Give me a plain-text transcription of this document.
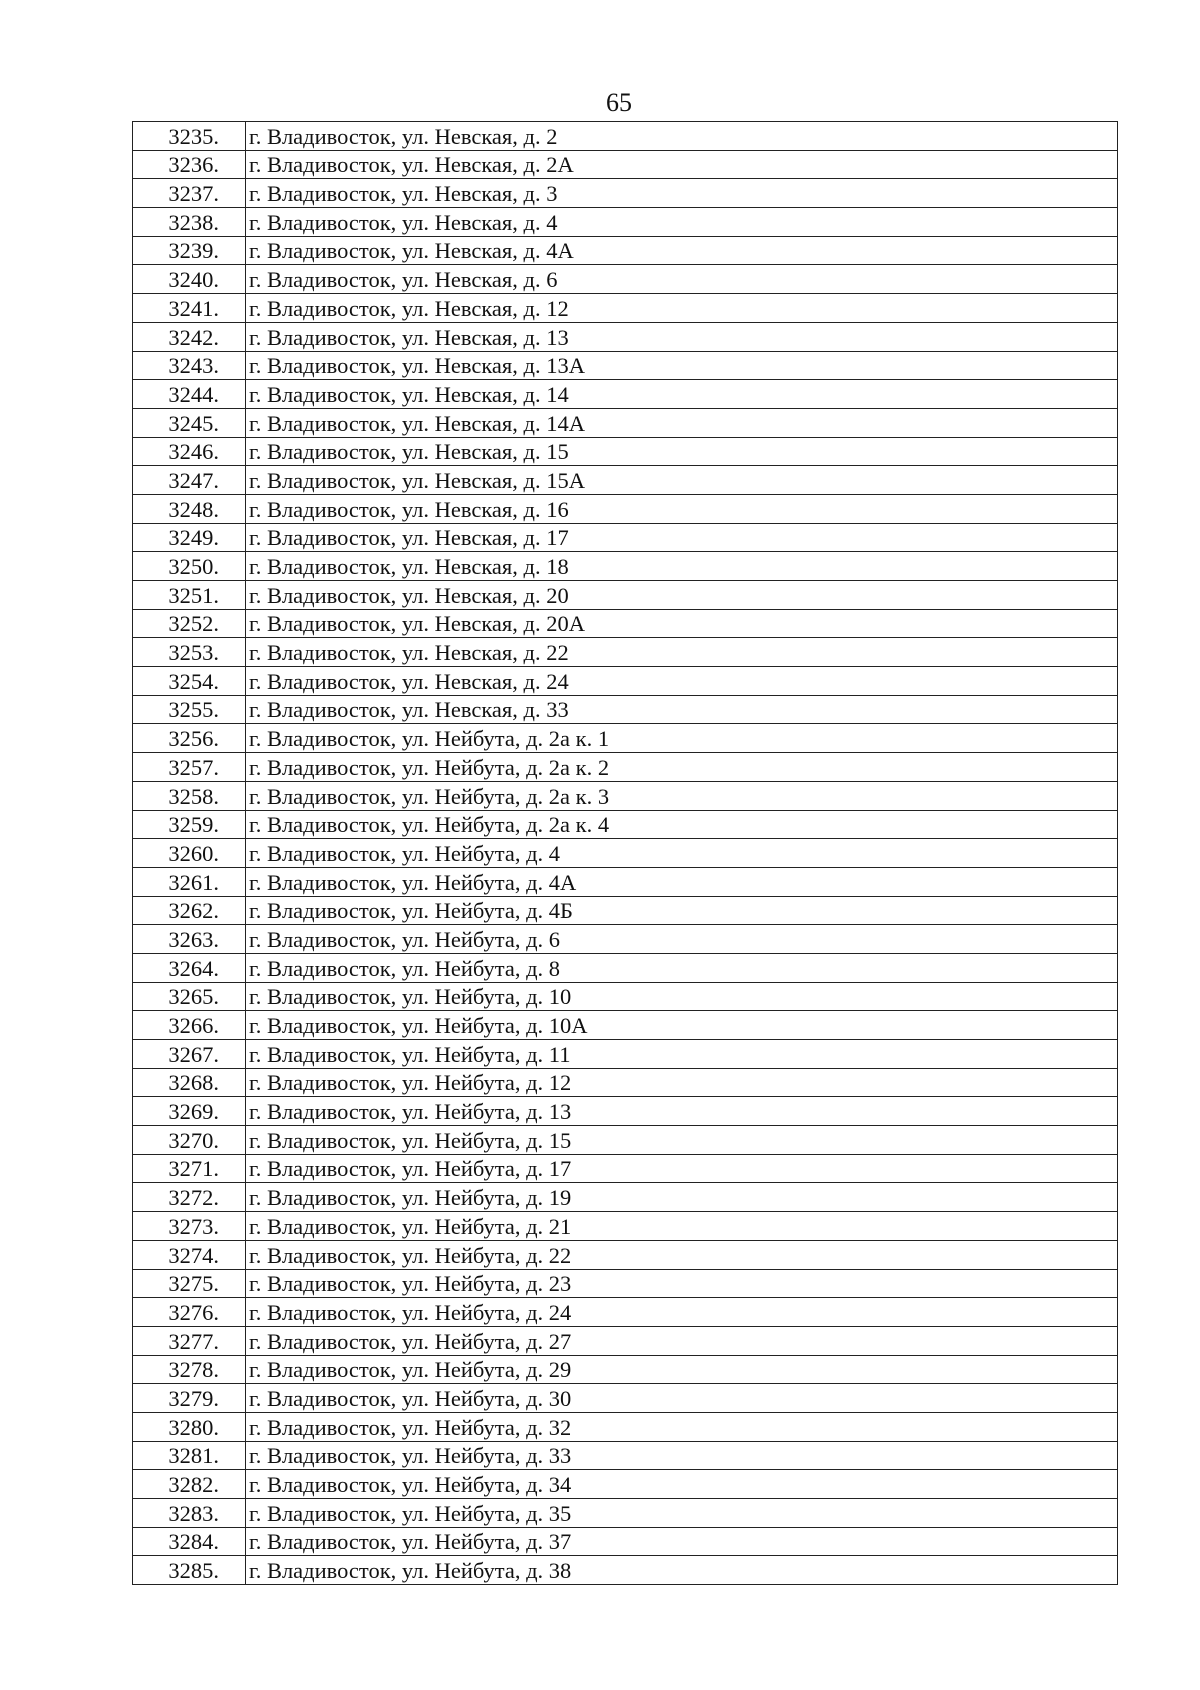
65
3235.	г. Владивосток, ул. Невская, д. 2
3236.	г. Владивосток, ул. Невская, д. 2А
3237.	г. Владивосток, ул. Невская, д. 3
3238.	г. Владивосток, ул. Невская, д. 4
3239.	г. Владивосток, ул. Невская, д. 4А
3240.	г. Владивосток, ул. Невская, д. 6
3241.	г. Владивосток, ул. Невская, д. 12
3242.	г. Владивосток, ул. Невская, д. 13
3243.	г. Владивосток, ул. Невская, д. 13А
3244.	г. Владивосток, ул. Невская, д. 14
3245.	г. Владивосток, ул. Невская, д. 14А
3246.	г. Владивосток, ул. Невская, д. 15
3247.	г. Владивосток, ул. Невская, д. 15А
3248.	г. Владивосток, ул. Невская, д. 16
3249.	г. Владивосток, ул. Невская, д. 17
3250.	г. Владивосток, ул. Невская, д. 18
3251.	г. Владивосток, ул. Невская, д. 20
3252.	г. Владивосток, ул. Невская, д. 20А
3253.	г. Владивосток, ул. Невская, д. 22
3254.	г. Владивосток, ул. Невская, д. 24
3255.	г. Владивосток, ул. Невская, д. 33
3256.	г. Владивосток, ул. Нейбута, д. 2а к. 1
3257.	г. Владивосток, ул. Нейбута, д. 2а к. 2
3258.	г. Владивосток, ул. Нейбута, д. 2а к. 3
3259.	г. Владивосток, ул. Нейбута, д. 2а к. 4
3260.	г. Владивосток, ул. Нейбута, д. 4
3261.	г. Владивосток, ул. Нейбута, д. 4А
3262.	г. Владивосток, ул. Нейбута, д. 4Б
3263.	г. Владивосток, ул. Нейбута, д. 6
3264.	г. Владивосток, ул. Нейбута, д. 8
3265.	г. Владивосток, ул. Нейбута, д. 10
3266.	г. Владивосток, ул. Нейбута, д. 10А
3267.	г. Владивосток, ул. Нейбута, д. 11
3268.	г. Владивосток, ул. Нейбута, д. 12
3269.	г. Владивосток, ул. Нейбута, д. 13
3270.	г. Владивосток, ул. Нейбута, д. 15
3271.	г. Владивосток, ул. Нейбута, д. 17
3272.	г. Владивосток, ул. Нейбута, д. 19
3273.	г. Владивосток, ул. Нейбута, д. 21
3274.	г. Владивосток, ул. Нейбута, д. 22
3275.	г. Владивосток, ул. Нейбута, д. 23
3276.	г. Владивосток, ул. Нейбута, д. 24
3277.	г. Владивосток, ул. Нейбута, д. 27
3278.	г. Владивосток, ул. Нейбута, д. 29
3279.	г. Владивосток, ул. Нейбута, д. 30
3280.	г. Владивосток, ул. Нейбута, д. 32
3281.	г. Владивосток, ул. Нейбута, д. 33
3282.	г. Владивосток, ул. Нейбута, д. 34
3283.	г. Владивосток, ул. Нейбута, д. 35
3284.	г. Владивосток, ул. Нейбута, д. 37
3285.	г. Владивосток, ул. Нейбута, д. 38
